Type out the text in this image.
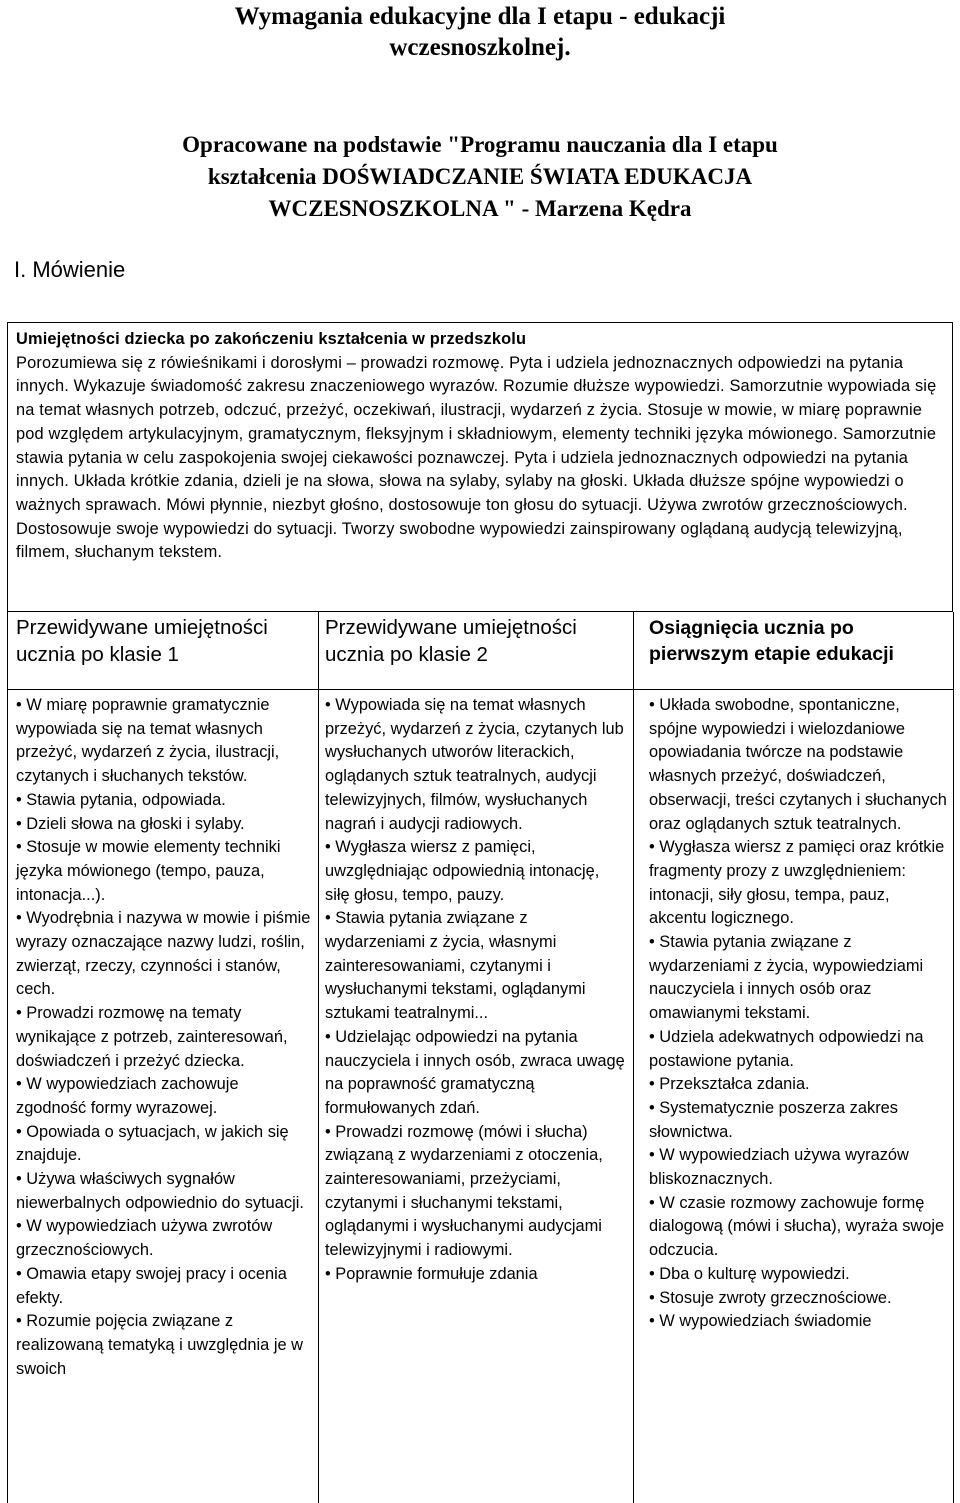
Wymagania edukacyjne dla I etapu - edukacji
wczesnoszkolnej.
Opracowane na podstawie "Programu nauczania dla I etapu
kształcenia DOŚWIADCZANIE ŚWIATA EDUKACJA
WCZESNOSZKOLNA " - Marzena Kędra
I. Mówienie
Umiejętności dziecka po zakończeniu kształcenia w przedszkolu
Porozumiewa się z rówieśnikami i dorosłymi – prowadzi rozmowę. Pyta i udziela jednoznacznych odpowiedzi na pytania innych. Wykazuje świadomość zakresu znaczeniowego wyrazów. Rozumie dłuższe wypowiedzi. Samorzutnie wypowiada się na temat własnych potrzeb, odczuć, przeżyć, oczekiwań, ilustracji, wydarzeń z życia. Stosuje w mowie, w miarę poprawnie pod względem artykulacyjnym, gramatycznym, fleksyjnym i składniowym, elementy techniki języka mówionego. Samorzutnie stawia pytania w celu zaspokojenia swojej ciekawości poznawczej. Pyta i udziela jednoznacznych odpowiedzi na pytania innych. Układa krótkie zdania, dzieli je na słowa, słowa na sylaby, sylaby na głoski. Układa dłuższe spójne wypowiedzi o ważnych sprawach. Mówi płynnie, niezbyt głośno, dostosowuje ton głosu do sytuacji. Używa zwrotów grzecznościowych. Dostosowuje swoje wypowiedzi do sytuacji. Tworzy swobodne wypowiedzi zainspirowany oglądaną audycją telewizyjną, filmem, słuchanym tekstem.
Przewidywane umiejętności ucznia po klasie 1

• W miarę poprawnie gramatycznie wypowiada się na temat własnych przeżyć, wydarzeń z życia, ilustracji, czytanych i słuchanych tekstów.

• Stawia pytania, odpowiada.

• Dzieli słowa na głoski i sylaby.

• Stosuje w mowie elementy techniki języka mówionego (tempo, pauza, intonacja...).

• Wyodrębnia i nazywa w mowie i piśmie wyrazy oznaczające nazwy ludzi, roślin, zwierząt, rzeczy, czynności i stanów, cech.

• Prowadzi rozmowę na tematy wynikające z potrzeb, zainteresowań, doświadczeń i przeżyć dziecka.

• W wypowiedziach zachowuje zgodność formy wyrazowej.

• Opowiada o sytuacjach, w jakich się znajduje.

• Używa właściwych sygnałów niewerbalnych odpowiednio do sytuacji.

• W wypowiedziach używa zwrotów grzecznościowych.

• Omawia etapy swojej pracy i ocenia efekty.

• Rozumie pojęcia związane z realizowaną tematyką i uwzględnia je w swoich

Przewidywane umiejętności ucznia po klasie 2

• Wypowiada się na temat własnych przeżyć, wydarzeń z życia, czytanych lub wysłuchanych utworów literackich, oglądanych sztuk teatralnych, audycji telewizyjnych, filmów, wysłuchanych nagrań i audycji radiowych.

• Wygłasza wiersz z pamięci, uwzględniając odpowiednią intonację, siłę głosu, tempo, pauzy.

• Stawia pytania związane z wydarzeniami z życia, własnymi zainteresowaniami, czytanymi i wysłuchanymi tekstami, oglądanymi sztukami teatralnymi...

• Udzielając odpowiedzi na pytania nauczyciela i innych osób, zwraca uwagę na poprawność gramatyczną formułowanych zdań.

• Prowadzi rozmowę (mówi i słucha) związaną z wydarzeniami z otoczenia, zainteresowaniami, przeżyciami, czytanymi i słuchanymi tekstami, oglądanymi i wysłuchanymi audycjami telewizyjnymi i radiowymi.

• Poprawnie formułuje zdania

Osiągnięcia ucznia po pierwszym etapie edukacji

• Układa swobodne, spontaniczne, spójne wypowiedzi i wielozdaniowe opowiadania twórcze na podstawie własnych przeżyć, doświadczeń, obserwacji, treści czytanych i słuchanych oraz oglądanych sztuk teatralnych.

• Wygłasza wiersz z pamięci oraz krótkie fragmenty prozy z uwzględnieniem: intonacji, siły głosu, tempa, pauz, akcentu logicznego.

• Stawia pytania związane z wydarzeniami z życia, wypowiedziami nauczyciela i innych osób oraz omawianymi tekstami.

• Udziela adekwatnych odpowiedzi na postawione pytania.

• Przekształca zdania.

• Systematycznie poszerza zakres słownictwa.

• W wypowiedziach używa wyrazów bliskoznacznych.

• W czasie rozmowy zachowuje formę dialogową (mówi i słucha), wyraża swoje odczucia.

• Dba o kulturę wypowiedzi.

• Stosuje zwroty grzecznościowe.

• W wypowiedziach świadomie
